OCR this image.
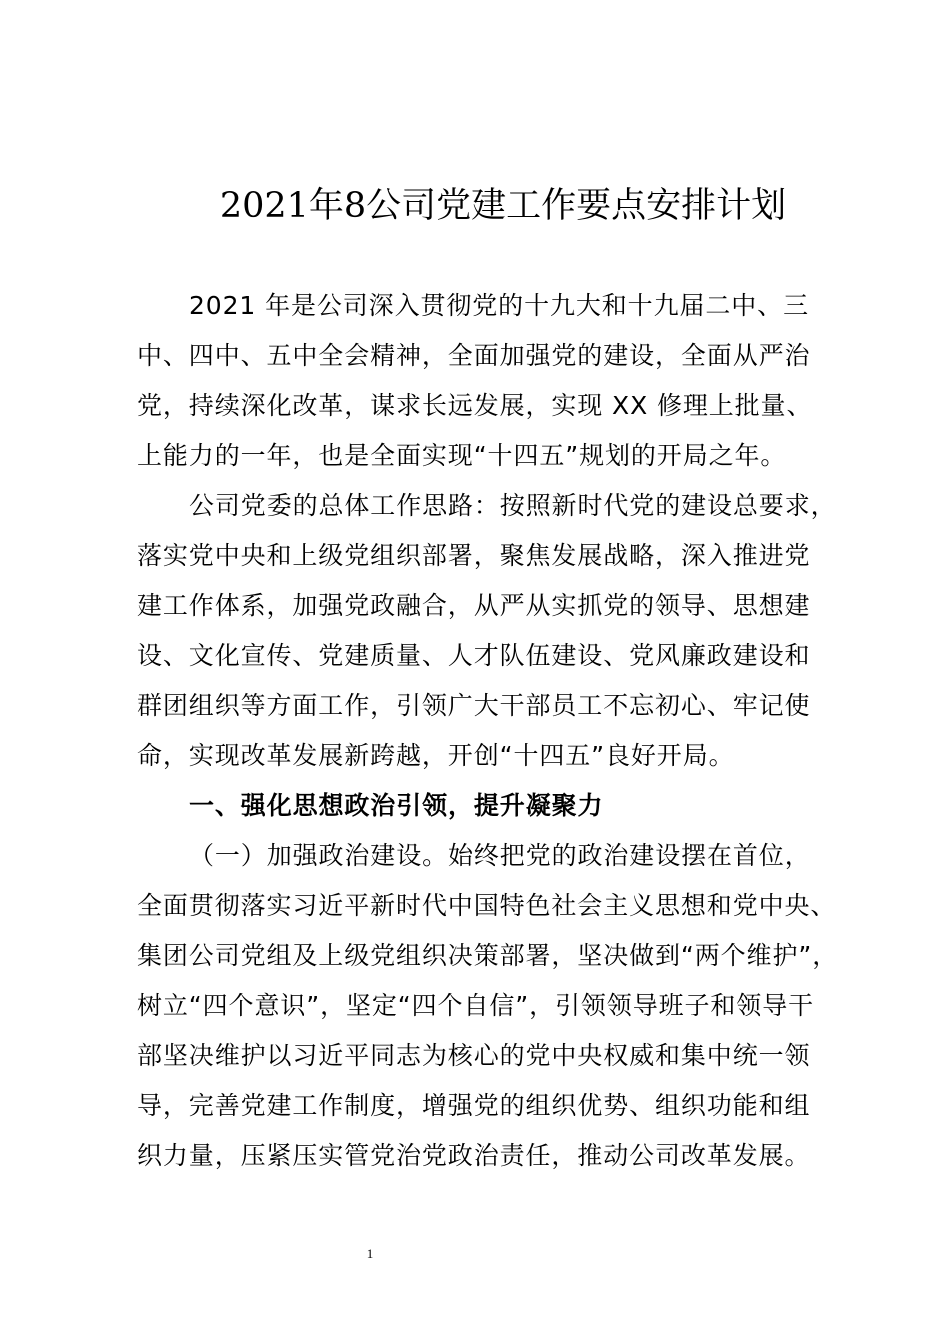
2021年8公司党建工作要点安排计划
2021 年是公司深入贯彻党的十九大和十九届二中、三
中、四中、五中全会精神，全面加强党的建设，全面从严治
党，持续深化改革，谋求长远发展，实现 XX 修理上批量、
上能力的一年，也是全面实现“十四五”规划的开局之年。
公司党委的总体工作思路：按照新时代党的建设总要求，
落实党中央和上级党组织部署，聚焦发展战略，深入推进党
建工作体系，加强党政融合，从严从实抓党的领导、思想建
设、文化宣传、党建质量、人才队伍建设、党风廉政建设和
群团组织等方面工作，引领广大干部员工不忘初心、牢记使
命，实现改革发展新跨越，开创“十四五”良好开局。
一、强化思想政治引领，提升凝聚力
（一）加强政治建设。始终把党的政治建设摆在首位，
全面贯彻落实习近平新时代中国特色社会主义思想和党中央、
集团公司党组及上级党组织决策部署，坚决做到“两个维护”，
树立“四个意识”，坚定“四个自信”，引领领导班子和领导干
部坚决维护以习近平同志为核心的党中央权威和集中统一领
导，完善党建工作制度，增强党的组织优势、组织功能和组
织力量，压紧压实管党治党政治责任，推动公司改革发展。
1
